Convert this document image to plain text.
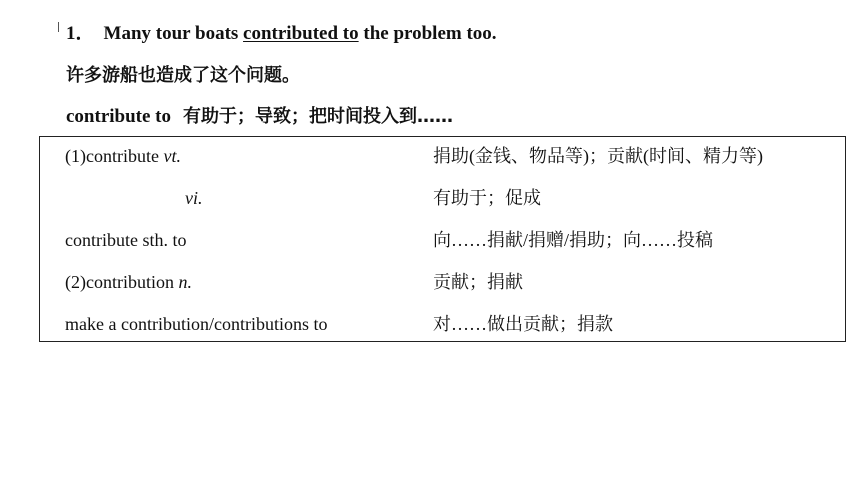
1． Many tour boats contributed to the problem too.
许多游船也造成了这个问题。
contribute to 有助于；导致；把时间投入到……
(1)contribute vt.	捐助(金钱、物品等)；贡献(时间、精力等)
vi.	有助于；促成
contribute sth. to	向……捐献/捐赠/捐助；向……投稿
(2)contribution n.	贡献；捐献
make a contribution/contributions to	对……做出贡献；捐款
